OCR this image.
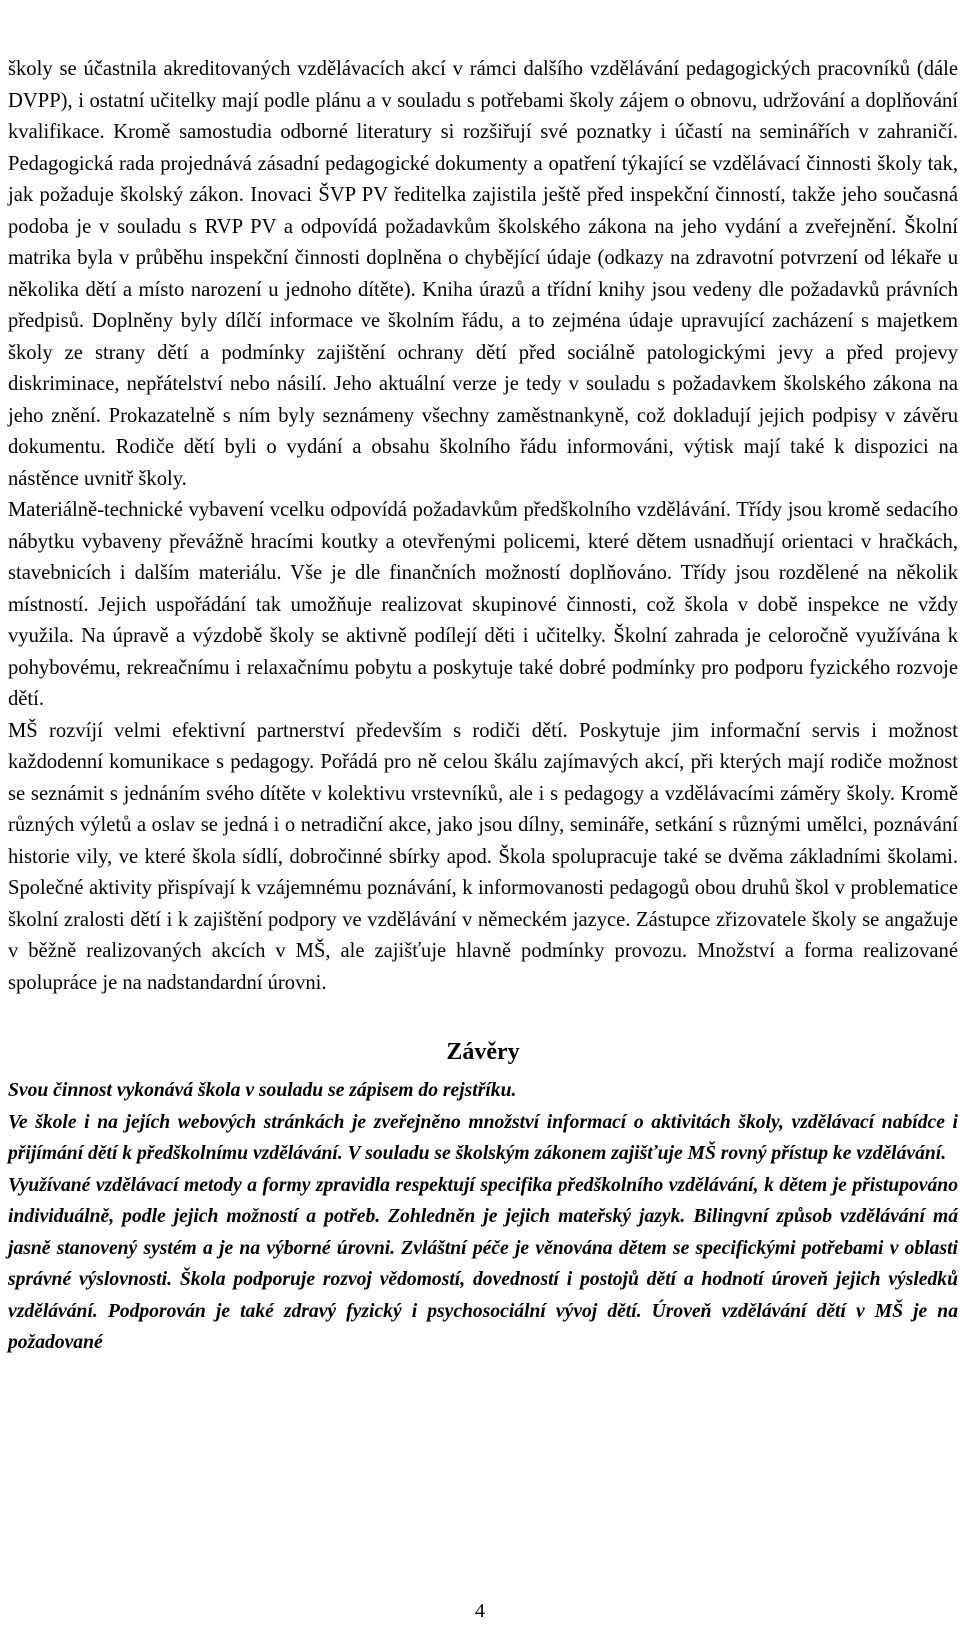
Pražský inspektorát České školní inspekce	Inspekční zpráva č. j.: ČŠIA-575/13-A

školy se účastnila akreditovaných vzdělávacích akcí v rámci dalšího vzdělávání pedagogických pracovníků (dále DVPP), i ostatní učitelky mají podle plánu a v souladu s potřebami školy zájem o obnovu, udržování a doplňování kvalifikace. Kromě samostudia odborné literatury si rozšiřují své poznatky i účastí na seminářích v zahraničí. Pedagogická rada projednává zásadní pedagogické dokumenty a opatření týkající se vzdělávací činnosti školy tak, jak požaduje školský zákon. Inovaci ŠVP PV ředitelka zajistila ještě před inspekční činností, takže jeho současná podoba je v souladu s RVP PV a odpovídá požadavkům školského zákona na jeho vydání a zveřejnění. Školní matrika byla v průběhu inspekční činnosti doplněna o chybějící údaje (odkazy na zdravotní potvrzení od lékaře u několika dětí a místo narození u jednoho dítěte). Kniha úrazů a třídní knihy jsou vedeny dle požadavků právních předpisů. Doplněny byly dílčí informace ve školním řádu, a to zejména údaje upravující zacházení s majetkem školy ze strany dětí a podmínky zajištění ochrany dětí před sociálně patologickými jevy a před projevy diskriminace, nepřátelství nebo násilí. Jeho aktuální verze je tedy v souladu s požadavkem školského zákona na jeho znění. Prokazatelně s ním byly seznámeny všechny zaměstnankyně, což dokladují jejich podpisy v závěru dokumentu. Rodiče dětí byli o vydání a obsahu školního řádu informováni, výtisk mají také k dispozici na nástěnce uvnitř školy.

Materiálně-technické vybavení vcelku odpovídá požadavkům předškolního vzdělávání. Třídy jsou kromě sedacího nábytku vybaveny převážně hracími koutky a otevřenými policemi, které dětem usnadňují orientaci v hračkách, stavebnicích i dalším materiálu. Vše je dle finančních možností doplňováno. Třídy jsou rozdělené na několik místností. Jejich uspořádání tak umožňuje realizovat skupinové činnosti, což škola v době inspekce ne vždy využila. Na úpravě a výzdobě školy se aktivně podílejí děti i učitelky. Školní zahrada je celoročně využívána k pohybovému, rekreačnímu i relaxačnímu pobytu a poskytuje také dobré podmínky pro podporu fyzického rozvoje dětí.

MŠ rozvíjí velmi efektivní partnerství především s rodiči dětí. Poskytuje jim informační servis i možnost každodenní komunikace s pedagogy. Pořádá pro ně celou škálu zajímavých akcí, při kterých mají rodiče možnost se seznámit s jednáním svého dítěte v kolektivu vrstevníků, ale i s pedagogy a vzdělávacími záměry školy. Kromě různých výletů a oslav se jedná i o netradiční akce, jako jsou dílny, semináře, setkání s různými umělci, poznávání historie vily, ve které škola sídlí, dobročinné sbírky apod. Škola spolupracuje také se dvěma základními školami. Společné aktivity přispívají k vzájemnému poznávání, k informovanosti pedagogů obou druhů škol v problematice školní zralosti dětí i k zajištění podpory ve vzdělávání v německém jazyce. Zástupce zřizovatele školy se angažuje v běžně realizovaných akcích v MŠ, ale zajišťuje hlavně podmínky provozu. Množství a forma realizované spolupráce je na nadstandardní úrovni.

Závěry

Svou činnost vykonává škola v souladu se zápisem do rejstříku.

Ve škole i na jejích webových stránkách je zveřejněno množství informací o aktivitách školy, vzdělávací nabídce i přijímání dětí k předškolnímu vzdělávání. V souladu se školským zákonem zajišťuje MŠ rovný přístup ke vzdělávání.

Využívané vzdělávací metody a formy zpravidla respektují specifika předškolního vzdělávání, k dětem je přistupováno individuálně, podle jejich možností a potřeb. Zohledněn je jejich mateřský jazyk. Bilingvní způsob vzdělávání má jasně stanovený systém a je na výborné úrovni. Zvláštní péče je věnována dětem se specifickými potřebami v oblasti správné výslovnosti. Škola podporuje rozvoj vědomostí, dovedností i postojů dětí a hodnotí úroveň jejich výsledků vzdělávání. Podporován je také zdravý fyzický i psychosociální vývoj dětí. Úroveň vzdělávání dětí v MŠ je na požadované

4
